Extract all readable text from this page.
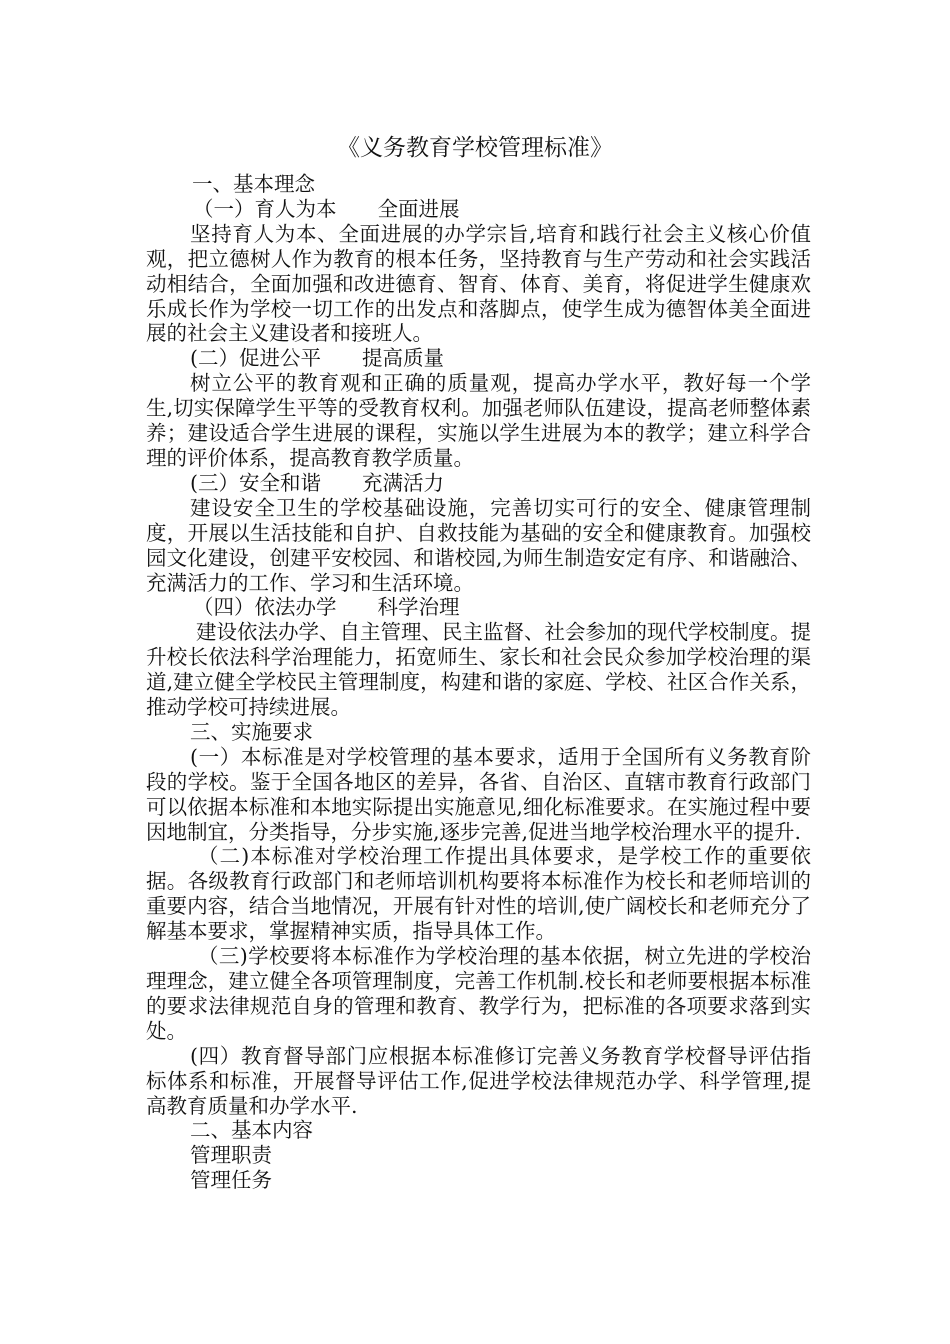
《义务教育学校管理标准》

一、基本理念

（一）育人为本　　全面进展

坚持育人为本、全面进展的办学宗旨,培育和践行社会主义核心价值观，把立德树人作为教育的根本任务，坚持教育与生产劳动和社会实践活动相结合，全面加强和改进德育、智育、体育、美育，将促进学生健康欢乐成长作为学校一切工作的出发点和落脚点，使学生成为德智体美全面进展的社会主义建设者和接班人。

(二）促进公平　　提高质量

树立公平的教育观和正确的质量观，提高办学水平，教好每一个学生,切实保障学生平等的受教育权利。加强老师队伍建设，提高老师整体素养；建设适合学生进展的课程，实施以学生进展为本的教学；建立科学合理的评价体系，提高教育教学质量。

(三）安全和谐　　充满活力

建设安全卫生的学校基础设施，完善切实可行的安全、健康管理制度，开展以生活技能和自护、自救技能为基础的安全和健康教育。加强校园文化建设，创建平安校园、和谐校园,为师生制造安定有序、和谐融洽、充满活力的工作、学习和生活环境。

（四）依法办学　　科学治理

建设依法办学、自主管理、民主监督、社会参加的现代学校制度。提升校长依法科学治理能力，拓宽师生、家长和社会民众参加学校治理的渠道,建立健全学校民主管理制度，构建和谐的家庭、学校、社区合作关系，推动学校可持续进展。

三、实施要求

(一）本标准是对学校管理的基本要求，适用于全国所有义务教育阶段的学校。鉴于全国各地区的差异，各省、自治区、直辖市教育行政部门可以依据本标准和本地实际提出实施意见,细化标准要求。在实施过程中要因地制宜，分类指导，分步实施,逐步完善,促进当地学校治理水平的提升.

（二)本标准对学校治理工作提出具体要求，是学校工作的重要依据。各级教育行政部门和老师培训机构要将本标准作为校长和老师培训的重要内容，结合当地情况，开展有针对性的培训,使广阔校长和老师充分了解基本要求，掌握精神实质，指导具体工作。

（三)学校要将本标准作为学校治理的基本依据，树立先进的学校治理理念，建立健全各项管理制度，完善工作机制.校长和老师要根据本标准的要求法律规范自身的管理和教育、教学行为，把标准的各项要求落到实处。

(四）教育督导部门应根据本标准修订完善义务教育学校督导评估指标体系和标准，开展督导评估工作,促进学校法律规范办学、科学管理,提高教育质量和办学水平.

二、基本内容

管理职责

管理任务
